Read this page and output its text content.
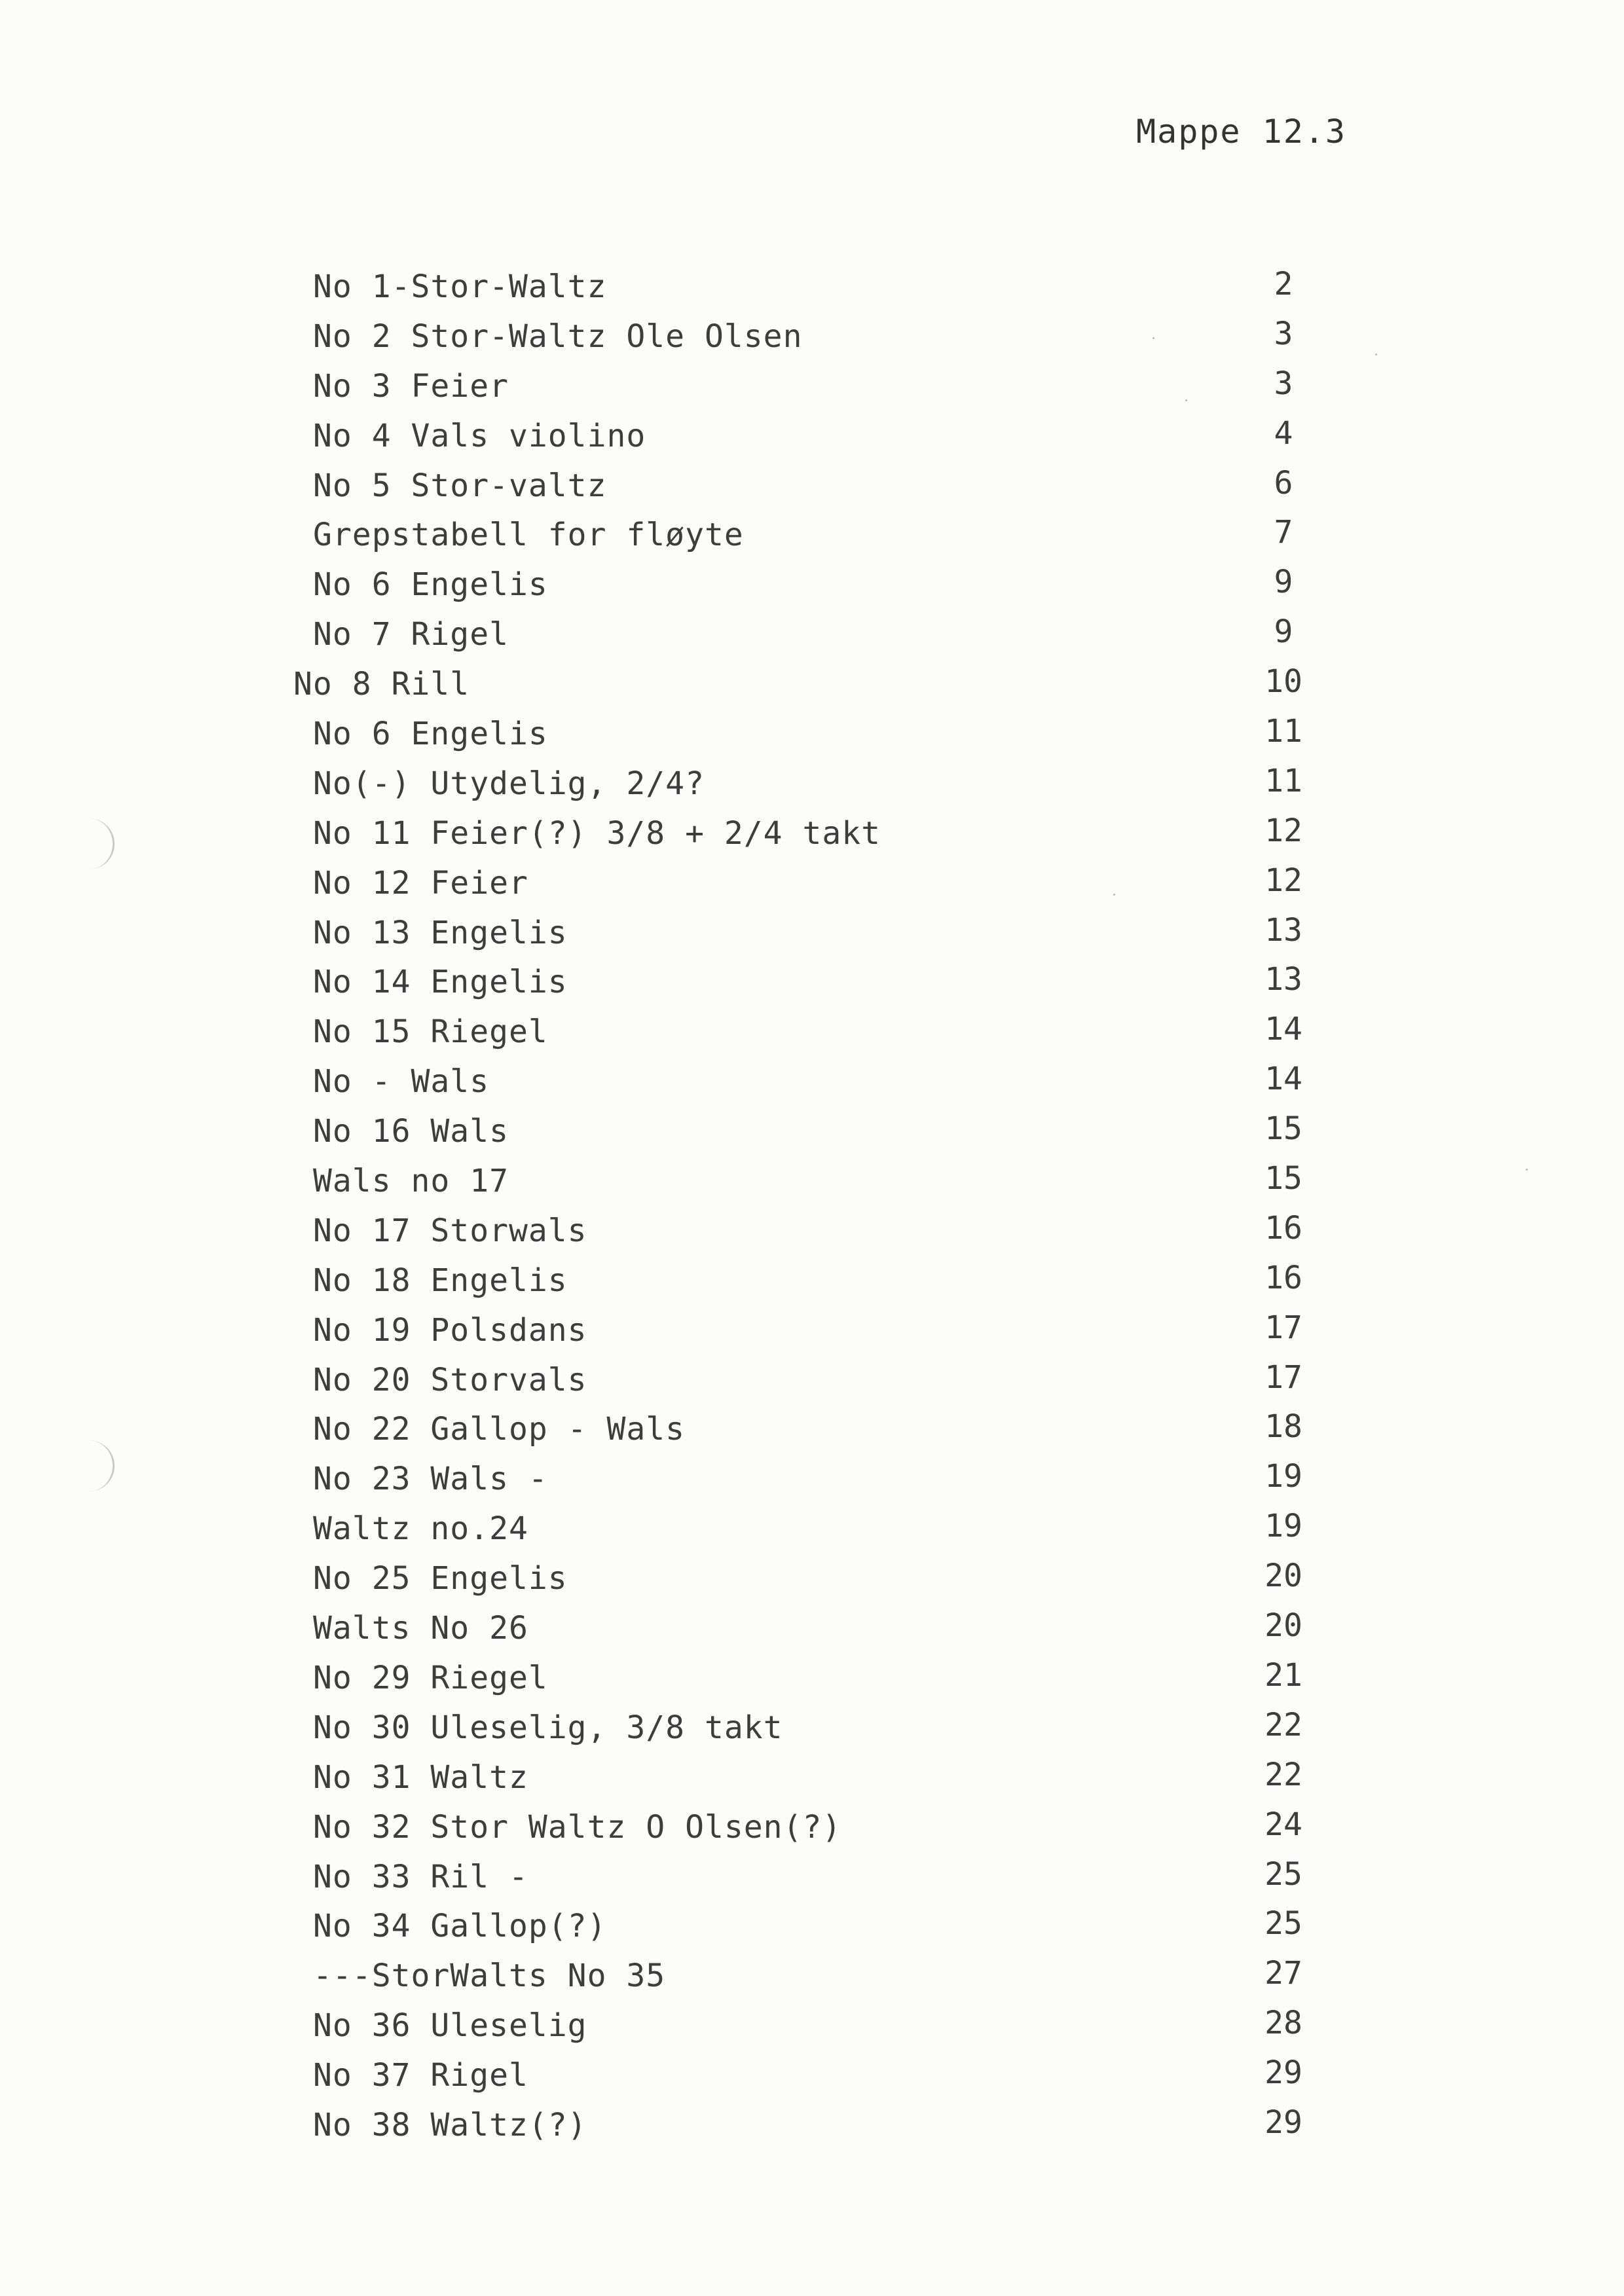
Mappe 12.3
No 1-Stor-Waltz	2
No 2 Stor-Waltz Ole Olsen	3
No 3 Feier	3
No 4 Vals violino	4
No 5 Stor-valtz	6
Grepstabell for fløyte	7
No 6 Engelis	9
No 7 Rigel	9
No 8 Rill	10
No 6 Engelis	11
No(-) Utydelig, 2/4?	11
No 11 Feier(?) 3/8 + 2/4 takt	12
No 12 Feier	12
No 13 Engelis	13
No 14 Engelis	13
No 15 Riegel	14
No - Wals	14
No 16 Wals	15
Wals no 17	15
No 17 Storwals	16
No 18 Engelis	16
No 19 Polsdans	17
No 20 Storvals	17
No 22 Gallop - Wals	18
No 23 Wals -	19
Waltz no.24	19
No 25 Engelis	20
Walts No 26	20
No 29 Riegel	21
No 30 Uleselig, 3/8 takt	22
No 31 Waltz	22
No 32 Stor Waltz O Olsen(?)	24
No 33 Ril -	25
No 34 Gallop(?)	25
---StorWalts No 35	27
No 36 Uleselig	28
No 37 Rigel	29
No 38 Waltz(?)	29
